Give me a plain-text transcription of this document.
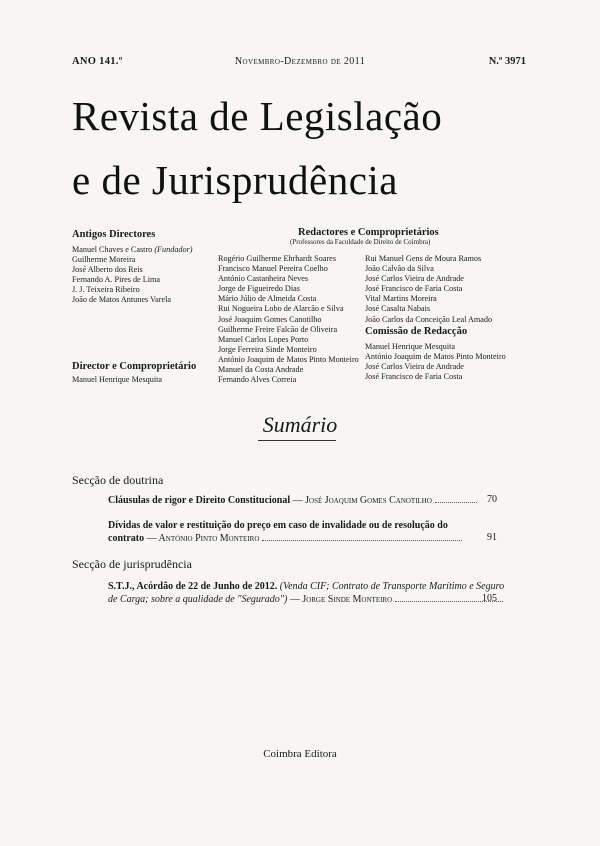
ANO 141.º	Novembro-Dezembro de 2011	N.º 3971
Revista de Legislação
e de Jurisprudência
Antigos Directores
Manuel Chaves e Castro (Fundador)
Guilherme Moreira
José Alberto dos Reis
Fernando A. Pires de Lima
J. J. Teixeira Ribeiro
João de Matos Antunes Varela
Director e Comproprietário
Manuel Henrique Mesquita
Redactores e Comproprietários
(Professores da Faculdade de Direito de Coimbra)
Rogério Guilherme Ehrhardt Soares
Francisco Manuel Pereira Coelho
António Castanheira Neves
Jorge de Figueiredo Dias
Mário Júlio de Almeida Costa
Rui Nogueira Lobo de Alarcão e Silva
José Joaquim Gomes Canotilho
Guilherme Freire Falcão de Oliveira
Manuel Carlos Lopes Porto
Jorge Ferreira Sinde Monteiro
António Joaquim de Matos Pinto Monteiro
Manuel da Costa Andrade
Fernando Alves Correia
Rui Manuel Gens de Moura Ramos
João Calvão da Silva
José Carlos Vieira de Andrade
José Francisco de Faria Costa
Vital Martins Moreira
José Casalta Nabais
João Carlos da Conceição Leal Amado
Comissão de Redacção
Manuel Henrique Mesquita
António Joaquim de Matos Pinto Monteiro
José Carlos Vieira de Andrade
José Francisco de Faria Costa
Sumário
Secção de doutrina
Cláusulas de rigor e Direito Constitucional — José Joaquim Gomes Canotilho	70
Dívidas de valor e restituição do preço em caso de invalidade ou de resolução do
contrato — António Pinto Monteiro	91
Secção de jurisprudência
S.T.J., Acórdão de 22 de Junho de 2012. (Venda CIF; Contrato de Transporte Marítimo e Seguro
de Carga; sobre a qualidade de "Segurado") — Jorge Sinde Monteiro	105
Coimbra Editora
